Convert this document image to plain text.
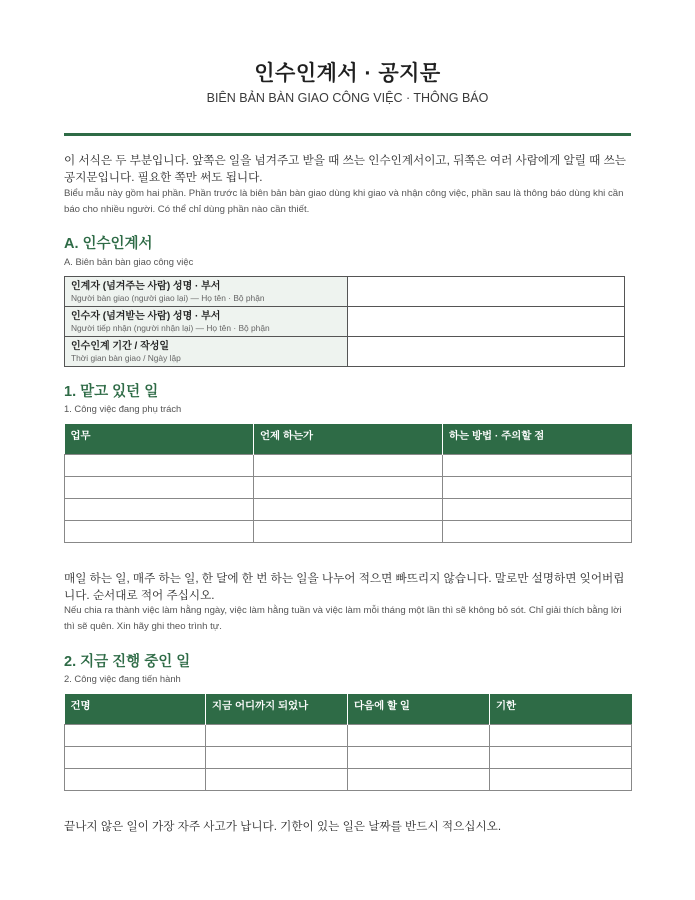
인수인계서 · 공지문
BIÊN BẢN BÀN GIAO CÔNG VIỆC · THÔNG BÁO
이 서식은 두 부분입니다. 앞쪽은 일을 넘겨주고 받을 때 쓰는 인수인계서이고, 뒤쪽은 여러 사람에게 알릴 때 쓰는 공지문입니다. 필요한 쪽만 써도 됩니다.
Biểu mẫu này gồm hai phần. Phần trước là biên bản bàn giao dùng khi giao và nhận công việc, phần sau là thông báo dùng khi cần báo cho nhiều người. Có thể chỉ dùng phần nào cần thiết.
A. 인수인계서
A. Biên bản bàn giao công việc
인계자 (넘겨주는 사람) 성명 · 부서
Người bàn giao (người giao lại) — Họ tên · Bộ phận	

인수자 (넘겨받는 사람) 성명 · 부서
Người tiếp nhận (người nhận lại) — Họ tên · Bộ phận	

인수인계 기간 / 작성일
Thời gian bàn giao / Ngày lập	

1. 맡고 있던 일
1. Công việc đang phụ trách
업무	언제 하는가	하는 방법 · 주의할 점

매일 하는 일, 매주 하는 일, 한 달에 한 번 하는 일을 나누어 적으면 빠뜨리지 않습니다. 말로만 설명하면 잊어버립니다. 순서대로 적어 주십시오.
Nếu chia ra thành việc làm hằng ngày, việc làm hằng tuần và việc làm mỗi tháng một lần thì sẽ không bỏ sót. Chỉ giải thích bằng lời thì sẽ quên. Xin hãy ghi theo trình tự.
2. 지금 진행 중인 일
2. Công việc đang tiến hành
건명	지금 어디까지 되었나	다음에 할 일	기한

끝나지 않은 일이 가장 자주 사고가 납니다. 기한이 있는 일은 날짜를 반드시 적으십시오.
